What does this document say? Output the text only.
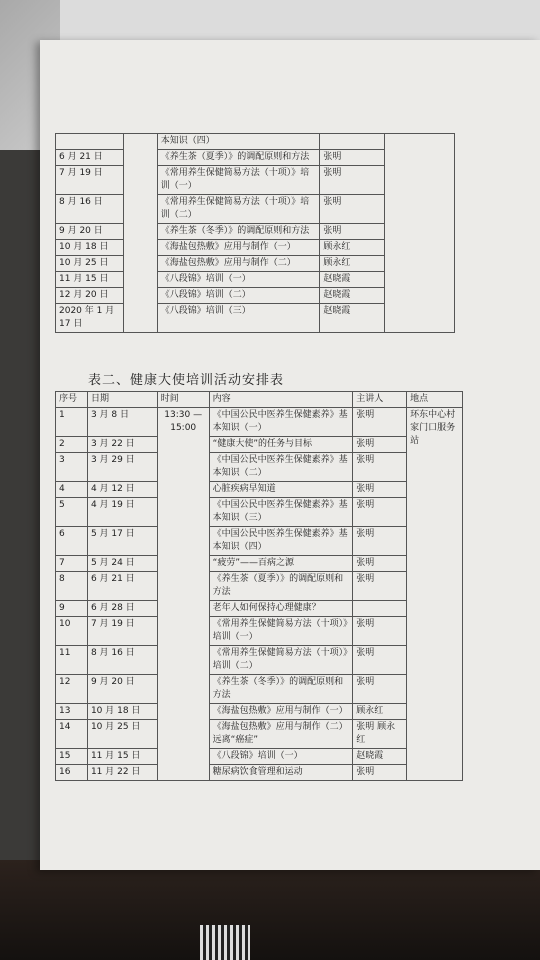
		本知识（四）		
6 月 21 日		《养生茶（夏季）》的调配原则和方法	张明	
7 月 19 日		《常用养生保健简易方法（十项）》培训（一）	张明	
8 月 16 日		《常用养生保健简易方法（十项）》培训（二）	张明	
9 月 20 日		《养生茶（冬季）》的调配原则和方法	张明	
10 月 18 日		《海盐包热敷》应用与制作（一）	顾永红	
10 月 25 日		《海盐包热敷》应用与制作（二）	顾永红	
11 月 15 日		《八段锦》培训（一）	赵晓霞	
12 月 20 日		《八段锦》培训（二）	赵晓霞	
2020 年 1 月 17 日		《八段锦》培训（三）	赵晓霞	
表二、健康大使培训活动安排表
序号	日期	时间	内容	主讲人	地点
1	3 月 8 日	13:30 — 15:00	《中国公民中医养生保健素养》基本知识（一）	张明	环东中心村家门口服务站
2	3 月 22 日		“健康大使”的任务与目标	张明	
3	3 月 29 日		《中国公民中医养生保健素养》基本知识（二）	张明	
4	4 月 12 日		心脏疾病早知道	张明	
5	4 月 19 日		《中国公民中医养生保健素养》基本知识（三）	张明	
6	5 月 17 日		《中国公民中医养生保健素养》基本知识（四）	张明	
7	5 月 24 日		“疲劳”——百病之源	张明	
8	6 月 21 日		《养生茶（夏季）》的调配原则和方法	张明	
9	6 月 28 日		老年人如何保持心理健康？		
10	7 月 19 日		《常用养生保健简易方法（十项）》培训（一）	张明	
11	8 月 16 日		《常用养生保健简易方法（十项）》培训（二）	张明	
12	9 月 20 日		《养生茶（冬季）》的调配原则和方法	张明	
13	10 月 18 日		《海盐包热敷》应用与制作（一）	顾永红	
14	10 月 25 日		《海盐包热敷》应用与制作（二）远离“癌症”	张明 顾永红	
15	11 月 15 日		《八段锦》培训（一）	赵晓霞	
16	11 月 22 日		糖尿病饮食管理和运动	张明	
